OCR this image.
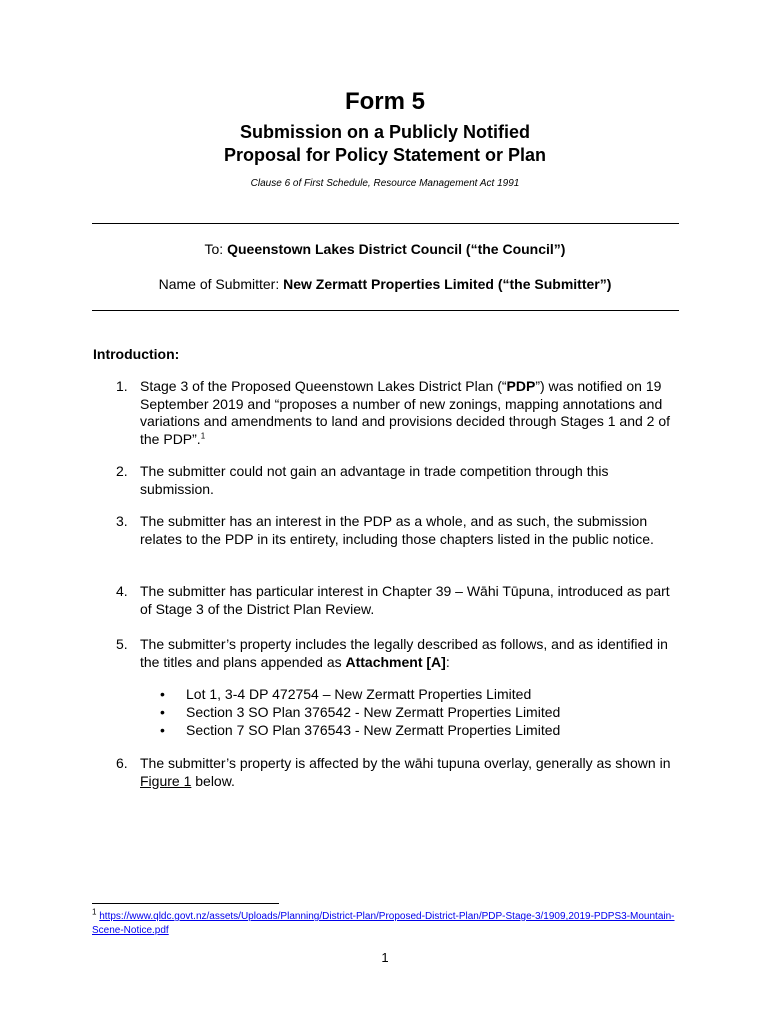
Form 5
Submission on a Publicly Notified
Proposal for Policy Statement or Plan
Clause 6 of First Schedule, Resource Management Act 1991
To: Queenstown Lakes District Council (“the Council”)
Name of Submitter: New Zermatt Properties Limited (“the Submitter”)
Introduction:
1. Stage 3 of the Proposed Queenstown Lakes District Plan (“PDP”) was notified on 19 September 2019 and “proposes a number of new zonings, mapping annotations and variations and amendments to land and provisions decided through Stages 1 and 2 of the PDP”.$^1$
2. The submitter could not gain an advantage in trade competition through this submission.
3. The submitter has an interest in the PDP as a whole, and as such, the submission relates to the PDP in its entirety, including those chapters listed in the public notice.
4. The submitter has particular interest in Chapter 39 – Wāhi Tūpuna, introduced as part of Stage 3 of the District Plan Review.
5. The submitter’s property includes the legally described as follows, and as identified in the titles and plans appended as Attachment [A]:
• Lot 1, 3-4 DP 472754 – New Zermatt Properties Limited
• Section 3 SO Plan 376542 - New Zermatt Properties Limited
• Section 7 SO Plan 376543 - New Zermatt Properties Limited
6. The submitter’s property is affected by the wāhi tupuna overlay, generally as shown in Figure 1 below.
$^1$ https://www.qldc.govt.nz/assets/Uploads/Planning/District-Plan/Proposed-District-Plan/PDP-Stage-3/1909,2019-PDPS3-Mountain-Scene-Notice.pdf
1
